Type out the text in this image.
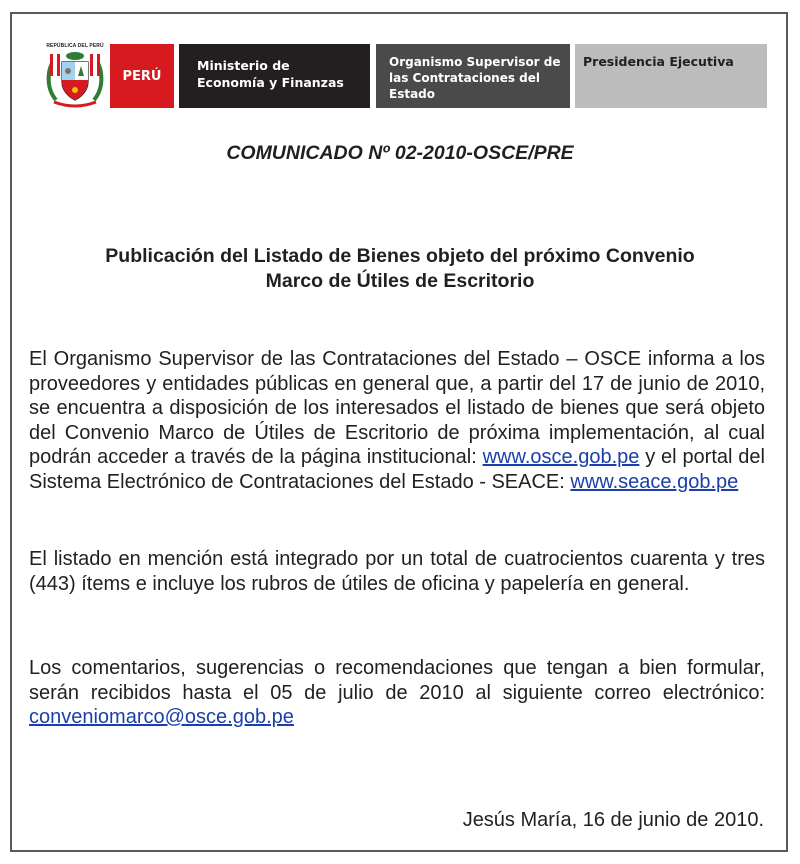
REPÚBLICA DEL PERÚ
PERÚ
Ministerio de
Economía y Finanzas
Organismo Supervisor de
las Contrataciones del
Estado
Presidencia Ejecutiva
COMUNICADO Nº 02-2010-OSCE/PRE
Publicación del Listado de Bienes objeto del próximo Convenio
Marco de Útiles de Escritorio
El Organismo Supervisor de las Contrataciones del Estado – OSCE informa a los proveedores y entidades públicas en general que, a partir del 17 de junio de 2010, se encuentra a disposición de los interesados el listado de bienes que será objeto del Convenio Marco de Útiles de Escritorio de próxima implementación, al cual podrán acceder a través de la página institucional: www.osce.gob.pe y el portal del Sistema Electrónico de Contrataciones del Estado - SEACE: www.seace.gob.pe
El listado en mención está integrado por un total de cuatrocientos cuarenta y tres (443) ítems e incluye los rubros de útiles de oficina y papelería en general.
Los comentarios, sugerencias o recomendaciones que tengan a bien formular, serán recibidos hasta el 05 de julio de 2010 al siguiente correo electrónico: conveniomarco@osce.gob.pe
Jesús María, 16 de junio de 2010.
